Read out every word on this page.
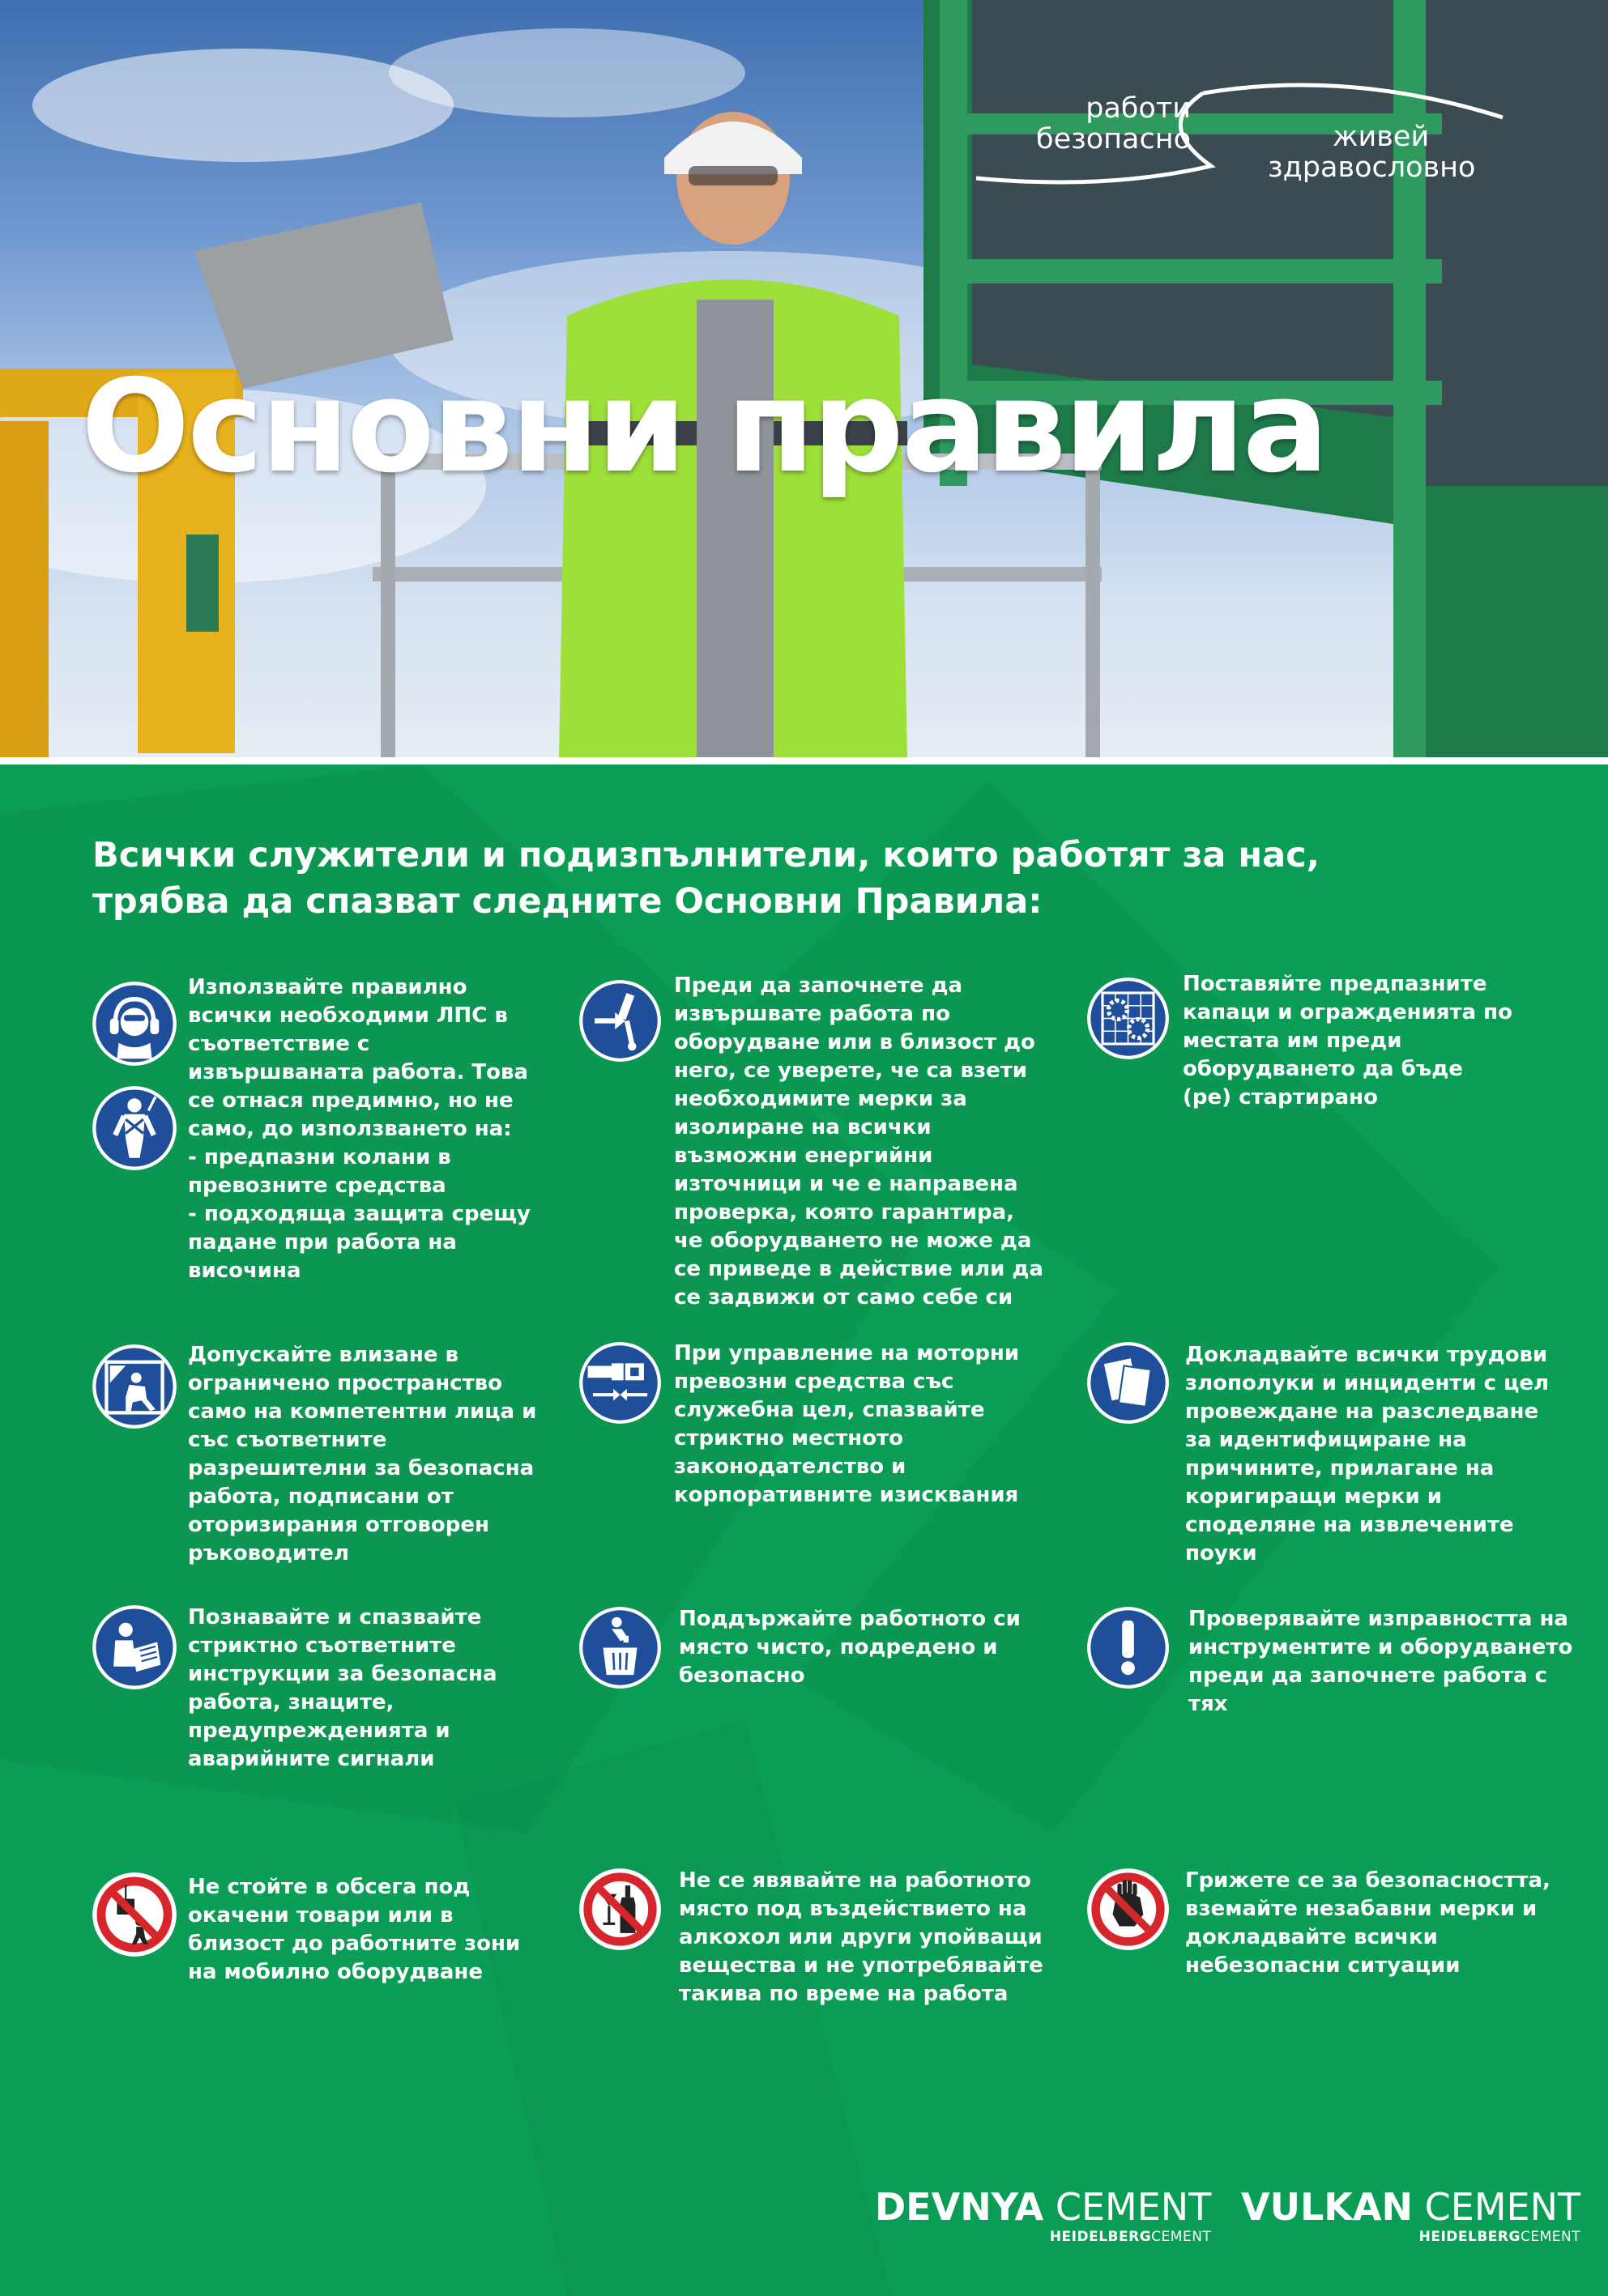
Основни правила
работи
безопасно	живей
здравословно
Всички служители и подизпълнители, които работят за нас,
трябва да спазват следните Основни Правила:
Използвайте правилно
всички необходими ЛПС в
съответствие с
извършваната работа. Това
се отнася предимно, но не
само, до използването на:
- предпазни колани в
превозните средства
- подходяща защита срещу
падане при работа на
височина
Преди да започнете да
извършвате работа по
оборудване или в близост до
него, се уверете, че са взети
необходимите мерки за
изолиране на всички
възможни енергийни
източници и че е направена
проверка, която гарантира,
че оборудването не може да
се приведе в действие или да
се задвижи от само себе си
Поставяйте предпазните
капаци и огражденията по
местата им преди
оборудването да бъде
(ре) стартирано
Допускайте влизане в
ограничено пространство
само на компетентни лица и
със съответните
разрешителни за безопасна
работа, подписани от
оторизирания отговорен
ръководител
При управление на моторни
превозни средства със
служебна цел, спазвайте
стриктно местното
законодателство и
корпоративните изисквания
Докладвайте всички трудови
злополуки и инциденти с цел
провеждане на разследване
за идентифициране на
причините, прилагане на
коригиращи мерки и
споделяне на извлечените
поуки
Познавайте и спазвайте
стриктно съответните
инструкции за безопасна
работа, знаците,
предупрежденията и
аварийните сигнали
Поддържайте работното си
място чисто, подредено и
безопасно
Проверявайте изправността на
инструментите и оборудването
преди да започнете работа с
тях
Не стойте в обсега под
окачени товари или в
близост до работните зони
на мобилно оборудване
Не се явявайте на работното
място под въздействието на
алкохол или други упойващи
вещества и не употребявайте
такива по време на работа
Грижете се за безопасността,
вземайте незабавни мерки и
докладвайте всички
небезопасни ситуации
DEVNYA CEMENT
HEIDELBERGCEMENT
VULKAN CEMENT
HEIDELBERGCEMENT
